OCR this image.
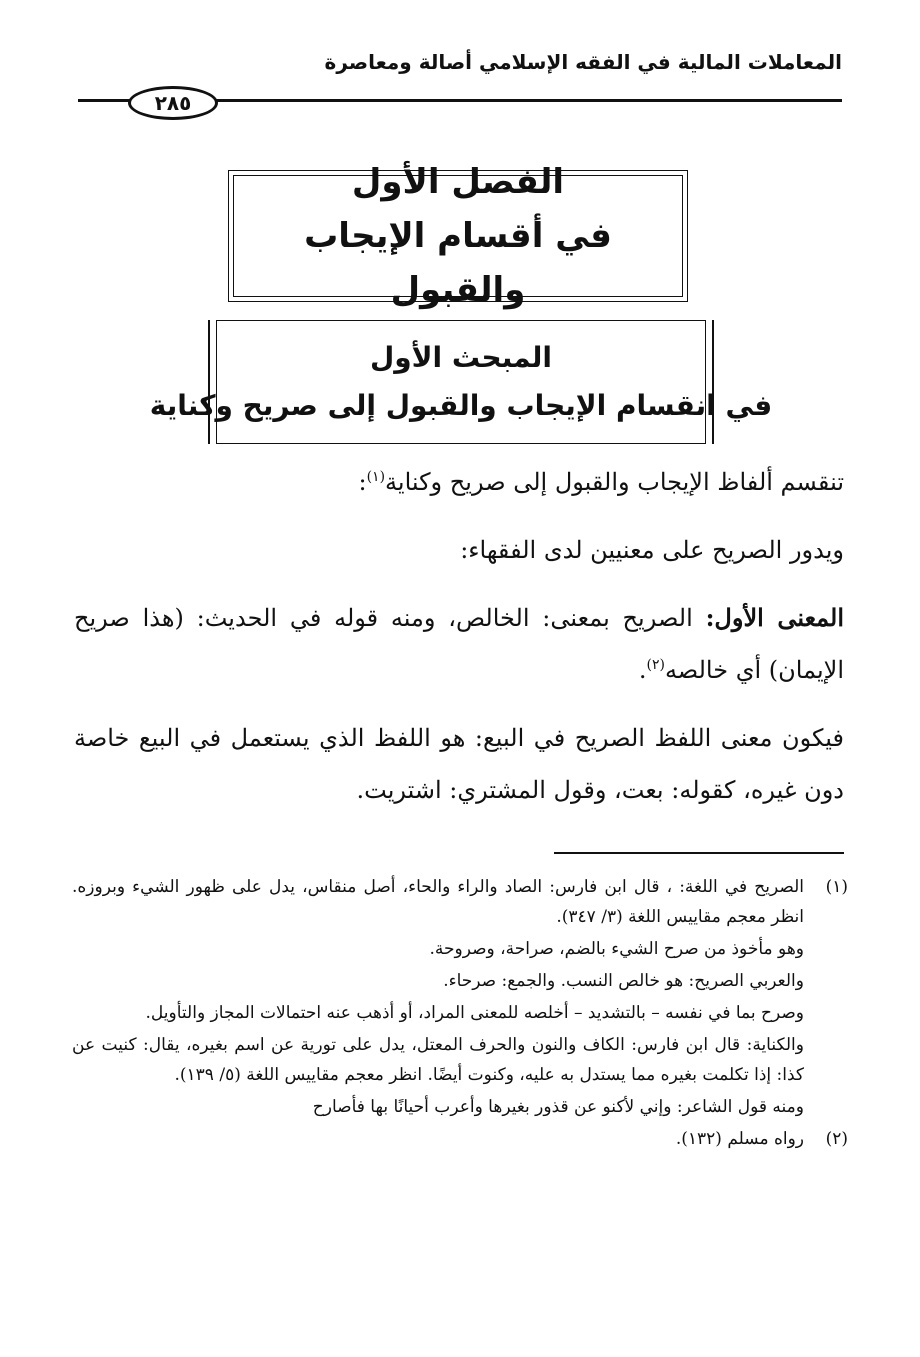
المعاملات المالية في الفقه الإسلامي أصالة ومعاصرة
٢٨٥
الفصل الأول
في أقسام الإيجاب والقبول
المبحث الأول
في انقسام الإيجاب والقبول إلى صريح وكناية

تنقسم ألفاظ الإيجاب والقبول إلى صريح وكناية$^{(١)}$:

ويدور الصريح على معنيين لدى الفقهاء:

المعنى الأول: الصريح بمعنى: الخالص، ومنه قوله في الحديث: (هذا صريح الإيمان) أي خالصه$^{(٢)}$.

فيكون معنى اللفظ الصريح في البيع: هو اللفظ الذي يستعمل في البيع خاصة دون غيره، كقوله: بعت، وقول المشتري: اشتريت.

(١)
الصريح في اللغة: ، قال ابن فارس: الصاد والراء والحاء، أصل منقاس، يدل على ظهور الشيء وبروزه. انظر معجم مقاييس اللغة (٣/ ٣٤٧).
وهو مأخوذ من صرح الشيء بالضم، صراحة، وصروحة.
والعربي الصريح: هو خالص النسب. والجمع: صرحاء.
وصرح بما في نفسه – بالتشديد – أخلصه للمعنى المراد، أو أذهب عنه احتمالات المجاز والتأويل.
والكناية: قال ابن فارس: الكاف والنون والحرف المعتل، يدل على تورية عن اسم بغيره، يقال: كنيت عن كذا: إذا تكلمت بغيره مما يستدل به عليه، وكنوت أيضًا. انظر معجم مقاييس اللغة (٥/ ١٣٩).
ومنه قول الشاعر: وإني لأكنو عن قذور بغيرها وأعرب أحيانًا بها فأصارح
(٢)
رواه مسلم (١٣٢).
